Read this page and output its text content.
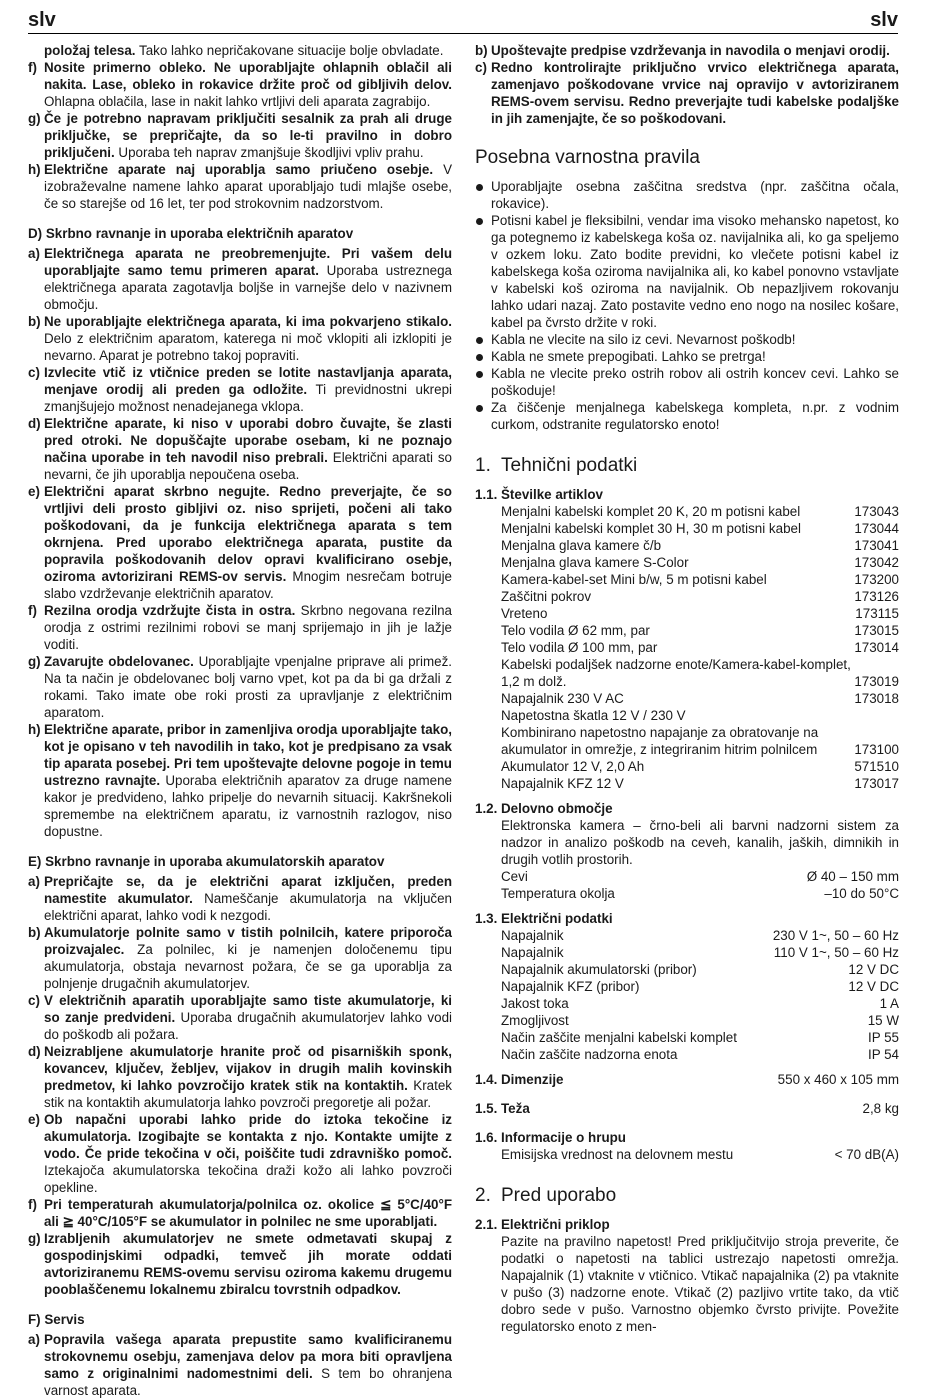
slv	slv
položaj telesa. Tako lahko nepričakovane situacije bolje obvladate.
f) Nosite primerno obleko. Ne uporabljajte ohlapnih oblačil ali nakita. Lase, obleko in rokavice držite proč od gibljivih delov. Ohlapna oblačila, lase in nakit lahko vrtljivi deli aparata zagrabijo.
g) Če je potrebno napravam priključiti sesalnik za prah ali druge priključke, se prepričajte, da so le-ti pravilno in dobro priključeni. Uporaba teh naprav zmanjšuje škodljivi vpliv prahu.
h) Električne aparate naj uporablja samo priučeno osebje. V izobraževalne namene lahko aparat uporabljajo tudi mlajše osebe, če so starejše od 16 let, ter pod strokovnim nadzorstvom.
D) Skrbno ravnanje in uporaba električnih aparatov
a) Električnega aparata ne preobremenjujte. Pri vašem delu uporabljajte samo temu primeren aparat. Uporaba ustreznega električnega aparata zagotavlja boljše in varnejše delo v nazivnem območju.
b) Ne uporabljajte električnega aparata, ki ima pokvarjeno stikalo. Delo z električnim aparatom, katerega ni moč vklopiti ali izklopiti je nevarno. Aparat je potrebno takoj popraviti.
c) Izvlecite vtič iz vtičnice preden se lotite nastavljanja aparata, menjave orodij ali preden ga odložite. Ti previdnostni ukrepi zmanjšujejo možnost nenadejanega vklopa.
d) Električne aparate, ki niso v uporabi dobro čuvajte, še zlasti pred otroki. Ne dopuščajte uporabe osebam, ki ne poznajo načina uporabe in teh navodil niso prebrali. Električni aparati so nevarni, če jih uporablja nepoučena oseba.
e) Električni aparat skrbno negujte. Redno preverjajte, če so vrtljivi deli prosto gibljivi oz. niso sprijeti, počeni ali tako poškodovani, da je funkcija električnega aparata s tem okrnjena. Pred uporabo električnega aparata, pustite da popravila poškodovanih delov opravi kvalificirano osebje, oziroma avtorizirani REMS-ov servis. Mnogim nesrečam botruje slabo vzdrževanje električnih aparatov.
f) Rezilna orodja vzdržujte čista in ostra. Skrbno negovana rezilna orodja z ostrimi rezilnimi robovi se manj sprijemajo in jih je lažje voditi.
g) Zavarujte obdelovanec. Uporabljajte vpenjalne priprave ali primež. Na ta način je obdelovanec bolj varno vpet, kot pa da bi ga držali z rokami. Tako imate obe roki prosti za upravljanje z električnim aparatom.
h) Električne aparate, pribor in zamenljiva orodja uporabljajte tako, kot je opisano v teh navodilih in tako, kot je predpisano za vsak tip aparata posebej. Pri tem upoštevajte delovne pogoje in temu ustrezno ravnajte. Uporaba električnih aparatov za druge namene kakor je predvideno, lahko pripelje do nevarnih situacij. Kakršnekoli spremembe na električnem aparatu, iz varnostnih razlogov, niso dopustne.
E) Skrbno ravnanje in uporaba akumulatorskih aparatov
a) Prepričajte se, da je električni aparat izključen, preden namestite akumulator. Nameščanje akumulatorja na vključen električni aparat, lahko vodi k nezgodi.
b) Akumulatorje polnite samo v tistih polnilcih, katere priporoča proizvajalec. Za polnilec, ki je namenjen določenemu tipu akumulatorja, obstaja nevarnost požara, če se ga uporablja za polnjenje drugačnih akumulatorjev.
c) V električnih aparatih uporabljajte samo tiste akumulatorje, ki so zanje predvideni. Uporaba drugačnih akumulatorjev lahko vodi do poškodb ali požara.
d) Neizrabljene akumulatorje hranite proč od pisarniških sponk, kovancev, ključev, žebljev, vijakov in drugih malih kovinskih predmetov, ki lahko povzročijo kratek stik na kontaktih. Kratek stik na kontaktih akumulatorja lahko povzroči pregoretje ali požar.
e) Ob napačni uporabi lahko pride do iztoka tekočine iz akumulatorja. Izogibajte se kontakta z njo. Kontakte umijte z vodo. Če pride tekočina v oči, poiščite tudi zdravniško pomoč. Iztekajoča akumulatorska tekočina draži kožo ali lahko povzroči opekline.
f) Pri temperaturah akumulatorja/polnilca oz. okolice ≦ 5°C/40°F ali ≧ 40°C/105°F se akumulator in polnilec ne sme uporabljati.
g) Izrabljenih akumulatorjev ne smete odmetavati skupaj z gospodinjskimi odpadki, temveč jih morate oddati avtoriziranemu REMS-ovemu servisu oziroma kakemu drugemu pooblaščenemu lokalnemu zbiralcu tovrstnih odpadkov.
F) Servis
a) Popravila vašega aparata prepustite samo kvalificiranemu strokovnemu osebju, zamenjava delov pa mora biti opravljena samo z originalnimi nadomestnimi deli. S tem bo ohranjena varnost aparata.
b) Upoštevajte predpise vzdrževanja in navodila o menjavi orodij.
c) Redno kontrolirajte priključno vrvico električnega aparata, zamenjavo poškodovane vrvice naj opravijo v avtoriziranem REMS-ovem servisu. Redno preverjajte tudi kabelske podaljške in jih zamenjajte, če so poškodovani.
Posebna varnostna pravila
Uporabljajte osebna zaščitna sredstva (npr. zaščitna očala, rokavice).
Potisni kabel je fleksibilni, vendar ima visoko mehansko napetost, ko ga potegnemo iz kabelskega koša oz. navijalnika ali, ko ga speljemo v ozkem loku. Zato bodite previdni, ko vlečete potisni kabel iz kabelskega koša oziroma navijalnika ali, ko kabel ponovno vstavljate v kabelski koš oziroma na navijalnik. Ob nepazljivem rokovanju lahko udari nazaj. Zato postavite vedno eno nogo na nosilec košare, kabel pa čvrsto držite v roki.
Kabla ne vlecite na silo iz cevi. Nevarnost poškodb!
Kabla ne smete prepogibati. Lahko se pretrga!
Kabla ne vlecite preko ostrih robov ali ostrih koncev cevi. Lahko se poškoduje!
Za čiščenje menjalnega kabelskega kompleta, n.pr. z vodnim curkom, odstranite regulatorsko enoto!
1. Tehnični podatki
1.1. Številke artiklov
Menjalni kabelski komplet 20 K, 20 m potisni kabel	173043
Menjalni kabelski komplet 30 H, 30 m potisni kabel	173044
Menjalna glava kamere č/b	173041
Menjalna glava kamere S-Color	173042
Kamera-kabel-set Mini b/w, 5 m potisni kabel	173200
Zaščitni pokrov	173126
Vreteno	173115
Telo vodila Ø 62 mm, par	173015
Telo vodila Ø 100 mm, par	173014
Kabelski podaljšek nadzorne enote/Kamera-kabel-komplet,
1,2 m dolž.	173019
Napajalnik 230 V AC	173018
Napetostna škatla 12 V / 230 V
Kombinirano napetostno napajanje za obratovanje na
akumulator in omrežje, z integriranim hitrim polnilcem	173100
Akumulator 12 V, 2,0 Ah	571510
Napajalnik KFZ 12 V	173017
1.2. Delovno območje

Elektronska kamera – črno-beli ali barvni nadzorni sistem za nadzor in analizo poškodb na ceveh, kanalih, jaških, dimnikih in drugih votlih prostorih.

Cevi	Ø 40 – 150 mm
Temperatura okolja	–10 do 50°C
1.3. Električni podatki
Napajalnik	230 V 1~, 50 – 60 Hz
Napajalnik	110 V 1~, 50 – 60 Hz
Napajalnik akumulatorski (pribor)	12 V DC
Napajalnik KFZ (pribor)	12 V DC
Jakost toka	1 A
Zmogljivost	15 W
Način zaščite menjalni kabelski komplet	IP 55
Način zaščite nadzorna enota	IP 54
1.4. Dimenzije	550 x 460 x 105 mm
1.5. Teža	2,8 kg
1.6. Informacije o hrupu
Emisijska vrednost na delovnem mestu	< 70 dB(A)
2. Pred uporabo
2.1. Električni priklop

Pazite na pravilno napetost! Pred priključitvijo stroja preverite, če podatki o napetosti na tablici ustrezajo napetosti omrežja. Napajalnik (1) vtaknite v vtičnico. Vtikač napajalnika (2) pa vtaknite v pušo (3) nadzorne enote. Vtikač (2) pazljivo vrtite tako, da vtič dobro sede v pušo. Varnostno objemko čvrsto privijte. Povežite regulatorsko enoto z men-
